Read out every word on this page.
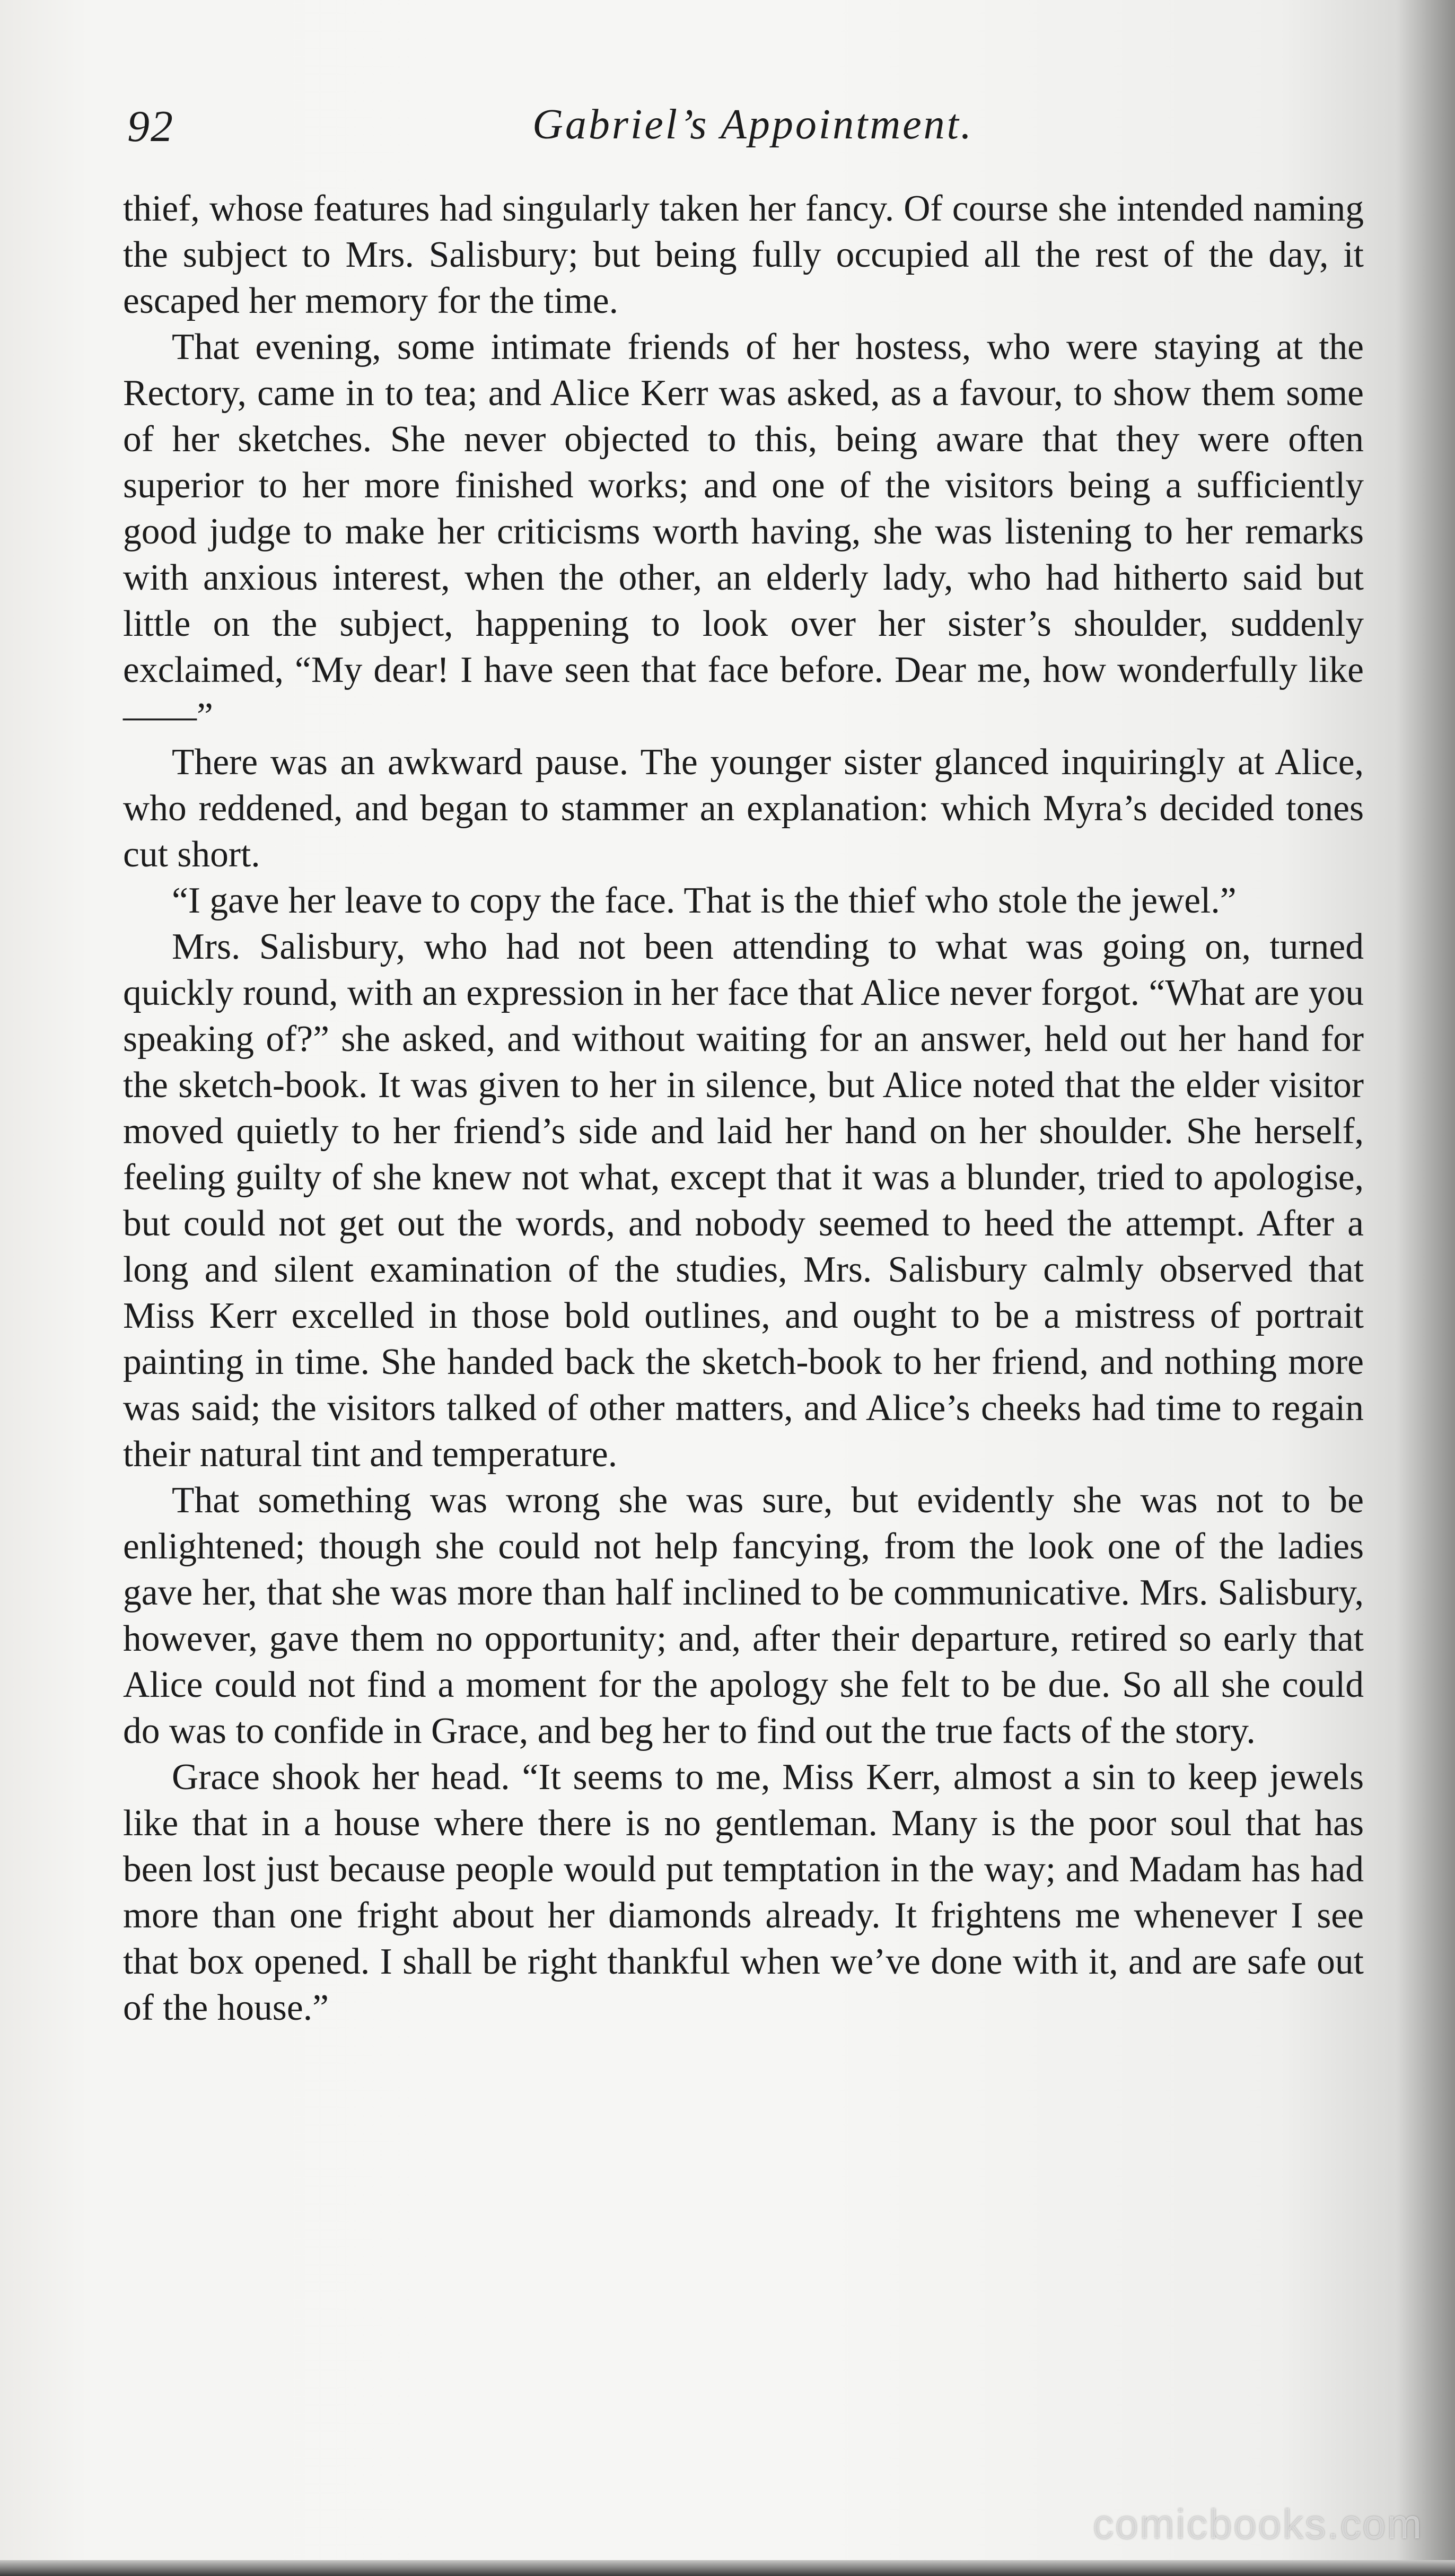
92	Gabriel’s Appointment.

thief, whose features had singularly taken her fancy. Of course she intended naming the subject to Mrs. Salisbury; but being fully occupied all the rest of the day, it escaped her memory for the time.

That evening, some intimate friends of her hostess, who were staying at the Rectory, came in to tea; and Alice Kerr was asked, as a favour, to show them some of her sketches. She never objected to this, being aware that they were often superior to her more finished works; and one of the visitors being a sufficiently good judge to make her criticisms worth having, she was listening to her remarks with anxious interest, when the other, an elderly lady, who had hitherto said but little on the subject, happening to look over her sister’s shoulder, suddenly exclaimed, “My dear! I have seen that face before. Dear me, how wonderfully like——”

There was an awkward pause. The younger sister glanced inquiringly at Alice, who reddened, and began to stammer an explanation: which Myra’s decided tones cut short.

“I gave her leave to copy the face. That is the thief who stole the jewel.”

Mrs. Salisbury, who had not been attending to what was going on, turned quickly round, with an expression in her face that Alice never forgot. “What are you speaking of?” she asked, and without waiting for an answer, held out her hand for the sketch-book. It was given to her in silence, but Alice noted that the elder visitor moved quietly to her friend’s side and laid her hand on her shoulder. She herself, feeling guilty of she knew not what, except that it was a blunder, tried to apologise, but could not get out the words, and nobody seemed to heed the attempt. After a long and silent examination of the studies, Mrs. Salisbury calmly observed that Miss Kerr excelled in those bold outlines, and ought to be a mistress of portrait painting in time. She handed back the sketch-book to her friend, and nothing more was said; the visitors talked of other matters, and Alice’s cheeks had time to regain their natural tint and temperature.

That something was wrong she was sure, but evidently she was not to be enlightened; though she could not help fancying, from the look one of the ladies gave her, that she was more than half inclined to be communicative. Mrs. Salisbury, however, gave them no opportunity; and, after their departure, retired so early that Alice could not find a moment for the apology she felt to be due. So all she could do was to confide in Grace, and beg her to find out the true facts of the story.

Grace shook her head. “It seems to me, Miss Kerr, almost a sin to keep jewels like that in a house where there is no gentleman. Many is the poor soul that has been lost just because people would put temptation in the way; and Madam has had more than one fright about her diamonds already. It frightens me whenever I see that box opened. I shall be right thankful when we’ve done with it, and are safe out of the house.”

comicbooks.com
